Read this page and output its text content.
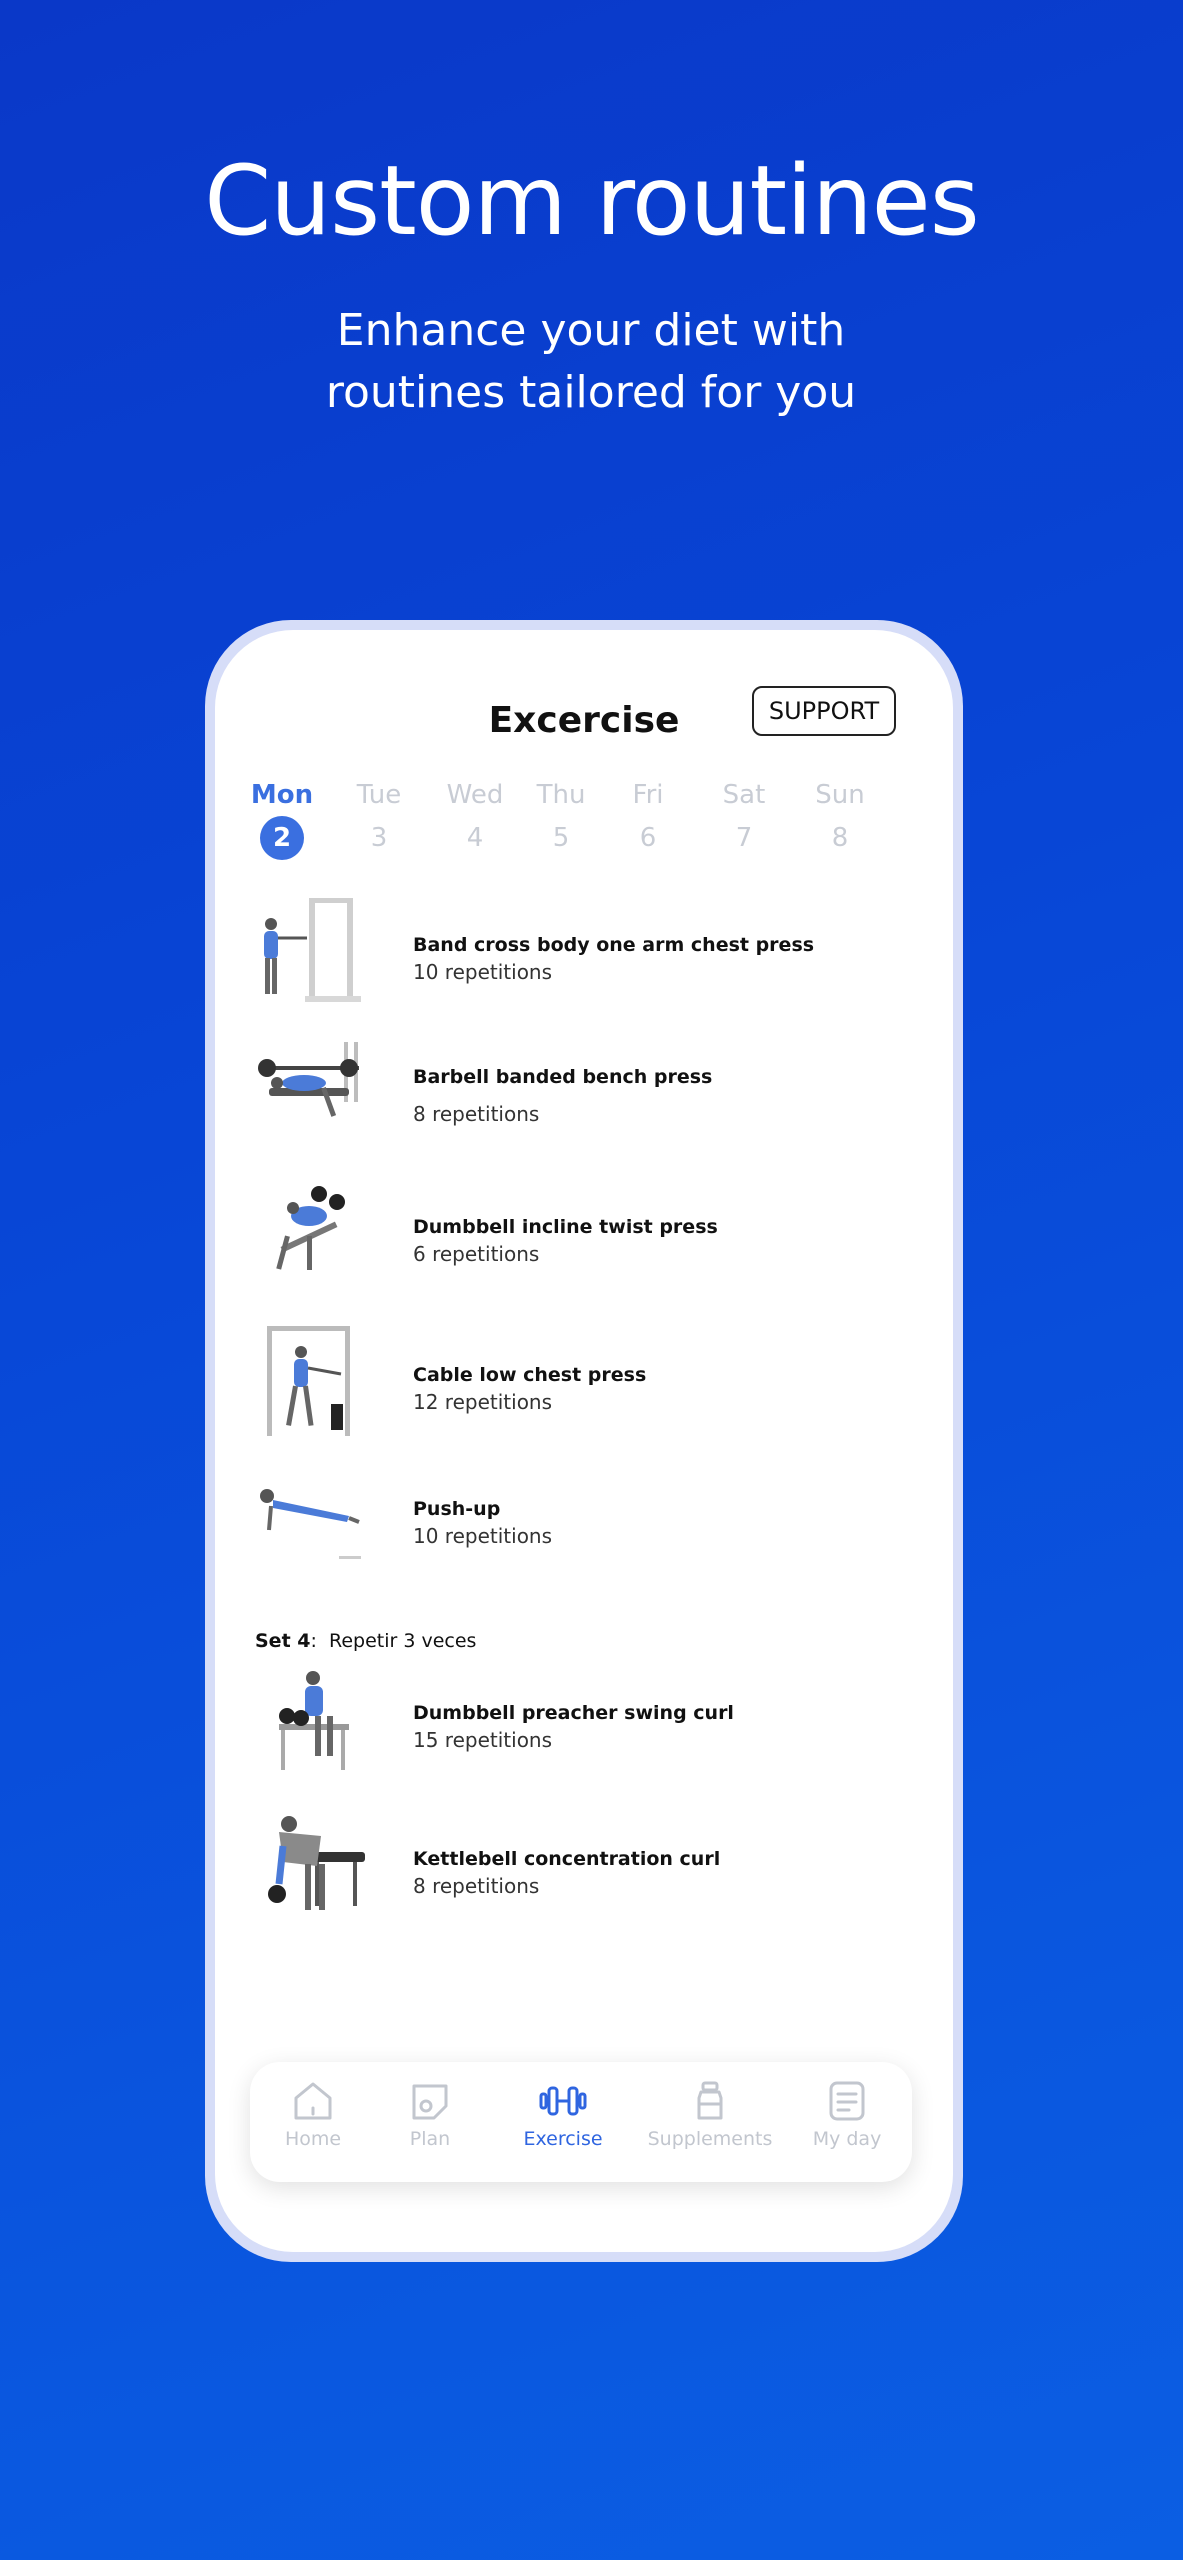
Custom routines
Enhance your diet with routines tailored for you
Excercise	SUPPORT
Mon
2
Tue
3
Wed
4
Thu
5
Fri
6
Sat
7
Sun
8
Band cross body one arm chest press
10 repetitions
Barbell banded bench press
8 repetitions
Dumbbell incline twist press
6 repetitions
Cable low chest press
12 repetitions
Push-up
10 repetitions
Set 4:  Repetir 3 veces
Dumbbell preacher swing curl
15 repetitions
Kettlebell concentration curl
8 repetitions
Home	Plan	Exercise	Supplements	My day
